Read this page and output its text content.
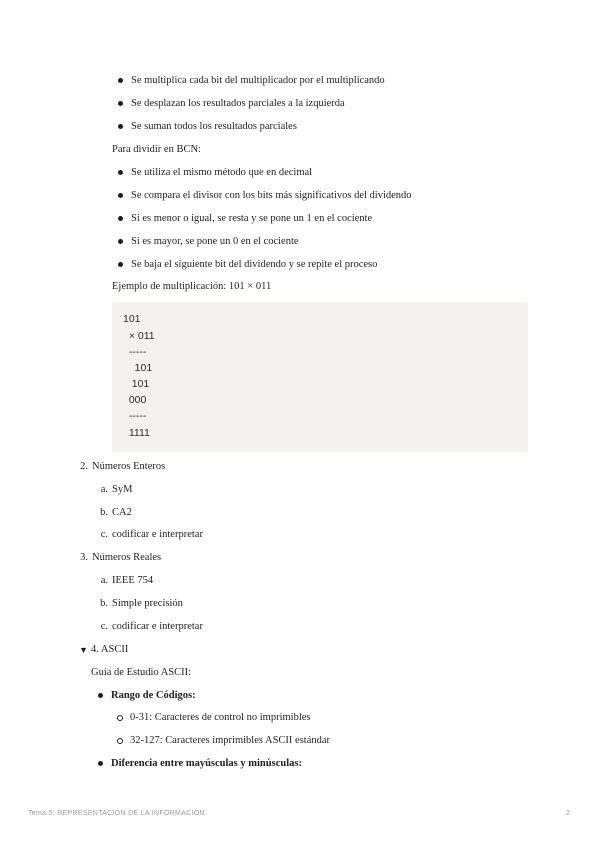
Se multiplica cada bit del multiplicador por el multiplicando
Se desplazan los resultados parciales a la izquierda
Se suman todos los resultados parciales
Para dividir en BCN:
Se utiliza el mismo método que en decimal
Se compara el divisor con los bits más significativos del dividendo
Si es menor o igual, se resta y se pone un 1 en el cociente
Si es mayor, se pone un 0 en el cociente
Se baja el siguiente bit del dividendo y se repite el proceso
Ejemplo de multiplicación: 101 × 011
101
× 011
-----
101
101
000
-----
1111
2. Números Enteros
a. SyM
b. CA2
c. codificar e interpretar
3. Números Reales
a. IEEE 754
b. Simple precisión
c. codificar e interpretar
▼ 4. ASCII
Guía de Estudio ASCII:
Rango de Códigos:
0-31: Caracteres de control no imprimibles
32-127: Caracteres imprimibles ASCII estándar
Diferencia entre mayúsculas y minúsculas:
Tema 5: REPRESENTACIÓN DE LA INFORMACIÓN	2
